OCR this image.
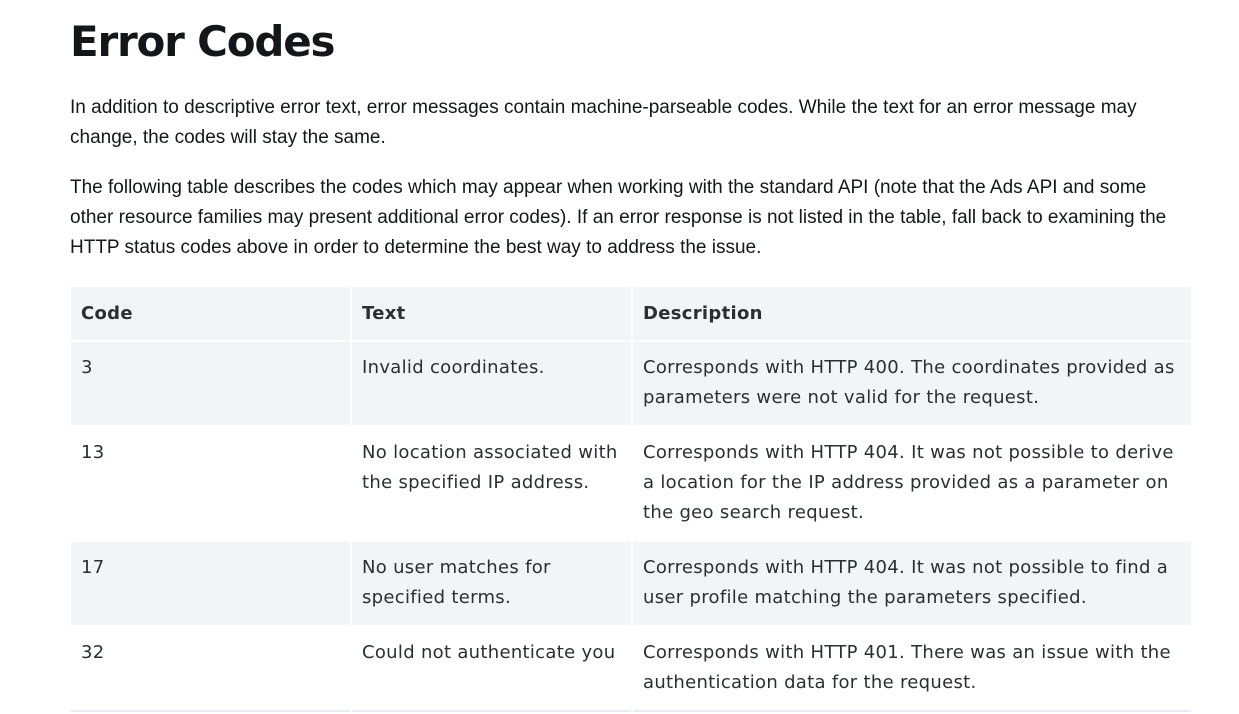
Error Codes

In addition to descriptive error text, error messages contain machine-parseable codes. While the text for an error message may change, the codes will stay the same.

The following table describes the codes which may appear when working with the standard API (note that the Ads API and some other resource families may present additional error codes). If an error response is not listed in the table, fall back to examining the HTTP status codes above in order to determine the best way to address the issue.

Code	Text	Description
3	Invalid coordinates.	Corresponds with HTTP 400. The coordinates provided as parameters were not valid for the request.
13	No location associated with the specified IP address.	Corresponds with HTTP 404. It was not possible to derive a location for the IP address provided as a parameter on the geo search request.
17	No user matches for specified terms.	Corresponds with HTTP 404. It was not possible to find a user profile matching the parameters specified.
32	Could not authenticate you	Corresponds with HTTP 401. There was an issue with the authentication data for the request.
